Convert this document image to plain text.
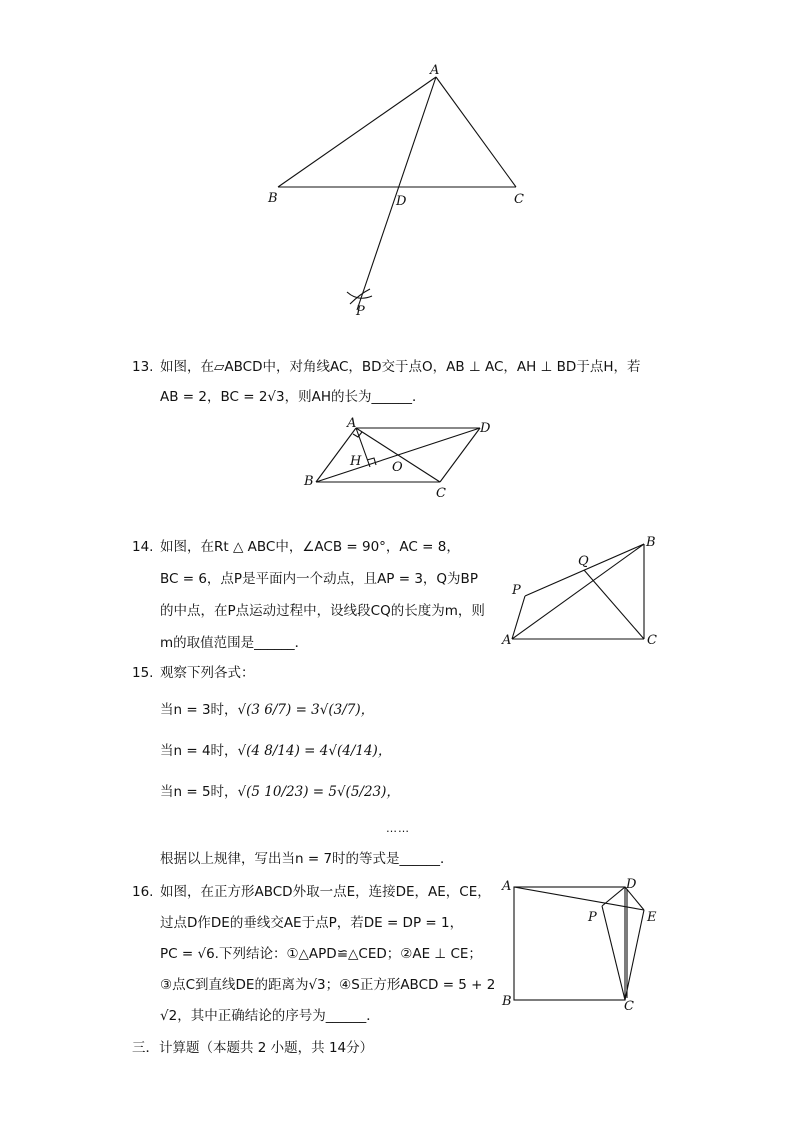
A
B	D	C
P
13. 如图，在▱ABCD中，对角线AC，BD交于点O，AB ⊥ AC，AH ⊥ BD于点H，若
AB = 2，BC = 2√3，则AH的长为______．
A	D
H O
B
C
14. 如图，在Rt △ ABC中，∠ACB = 90°，AC = 8，
BC = 6，点P是平面内一个动点，且AP = 3，Q为BP
的中点，在P点运动过程中，设线段CQ的长度为m，则
m的取值范围是______．
B
Q
P
A	C
15. 观察下列各式：
当n = 3时，√(3 6/7) = 3√(3/7)，
当n = 4时，√(4 8/14) = 4√(4/14)，
当n = 5时，√(5 10/23) = 5√(5/23)，
……
根据以上规律，写出当n = 7时的等式是______．
16. 如图，在正方形ABCD外取一点E，连接DE，AE，CE，
过点D作DE的垂线交AE于点P，若DE = DP = 1，
PC = √6.下列结论：①△APD≌△CED；②AE ⊥ CE；
③点C到直线DE的距离为√3；④S正方形ABCD = 5 + 2
√2，其中正确结论的序号为______．
A	D
P	E
B	C
三．计算题（本题共 2 小题，共 14分）
